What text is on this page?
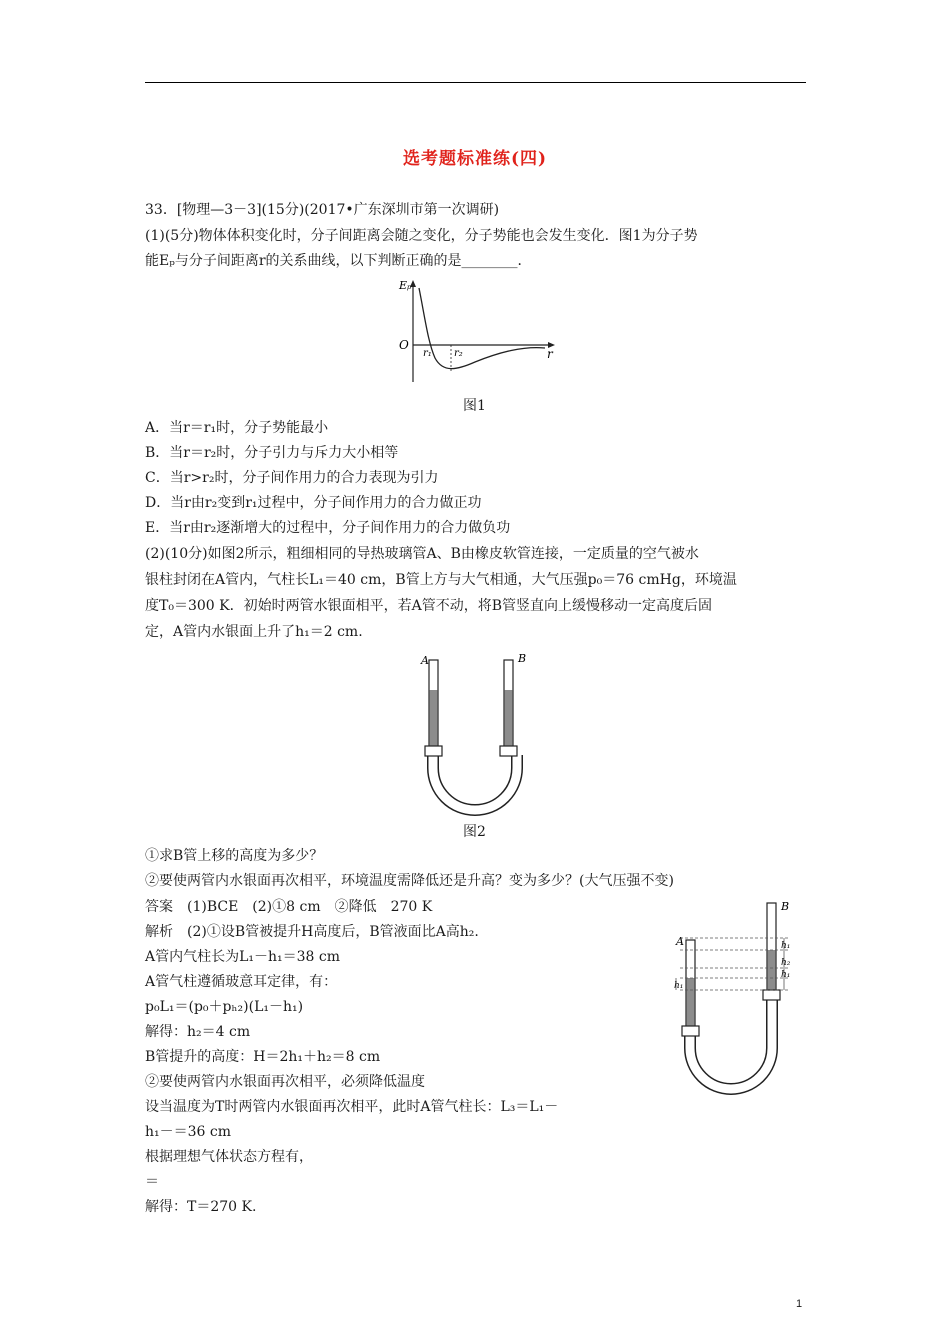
选考题标准练(四)
33．[物理—3－3](15分)(2017•广东深圳市第一次调研)
(1)(5分)物体体积变化时，分子间距离会随之变化，分子势能也会发生变化．图1为分子势
能Eₚ与分子间距离r的关系曲线，以下判断正确的是________．
Eₚ
O
r
r₁ r₂
图1
A．当r＝r₁时，分子势能最小
B．当r＝r₂时，分子引力与斥力大小相等
C．当r>r₂时，分子间作用力的合力表现为引力
D．当r由r₂变到r₁过程中，分子间作用力的合力做正功
E．当r由r₂逐渐增大的过程中，分子间作用力的合力做负功
(2)(10分)如图2所示，粗细相同的导热玻璃管A、B由橡皮软管连接，一定质量的空气被水
银柱封闭在A管内，气柱长L₁＝40 cm，B管上方与大气相通，大气压强p₀＝76 cmHg，环境温
度T₀＝300 K．初始时两管水银面相平，若A管不动，将B管竖直向上缓慢移动一定高度后固
定，A管内水银面上升了h₁＝2 cm.
A	B
图2
①求B管上移的高度为多少？
②要使两管内水银面再次相平，环境温度需降低还是升高？变为多少？(大气压强不变)
答案　(1)BCE　(2)①8 cm　②降低　270 K
解析　(2)①设B管被提升H高度后，B管液面比A高h₂.
A管内气柱长为L₁－h₁＝38 cm
A管气柱遵循玻意耳定律，有：
p₀L₁＝(p₀＋pₕ₂)(L₁－h₁)
解得：h₂＝4 cm
B管提升的高度：H＝2h₁＋h₂＝8 cm
②要使两管内水银面再次相平，必须降低温度
设当温度为T时两管内水银面再次相平，此时A管气柱长：L₃＝L₁－
h₁－＝36 cm
根据理想气体状态方程有，
＝
解得：T＝270 K.
A
B
h₁
h₂
h₁
h₁
1
